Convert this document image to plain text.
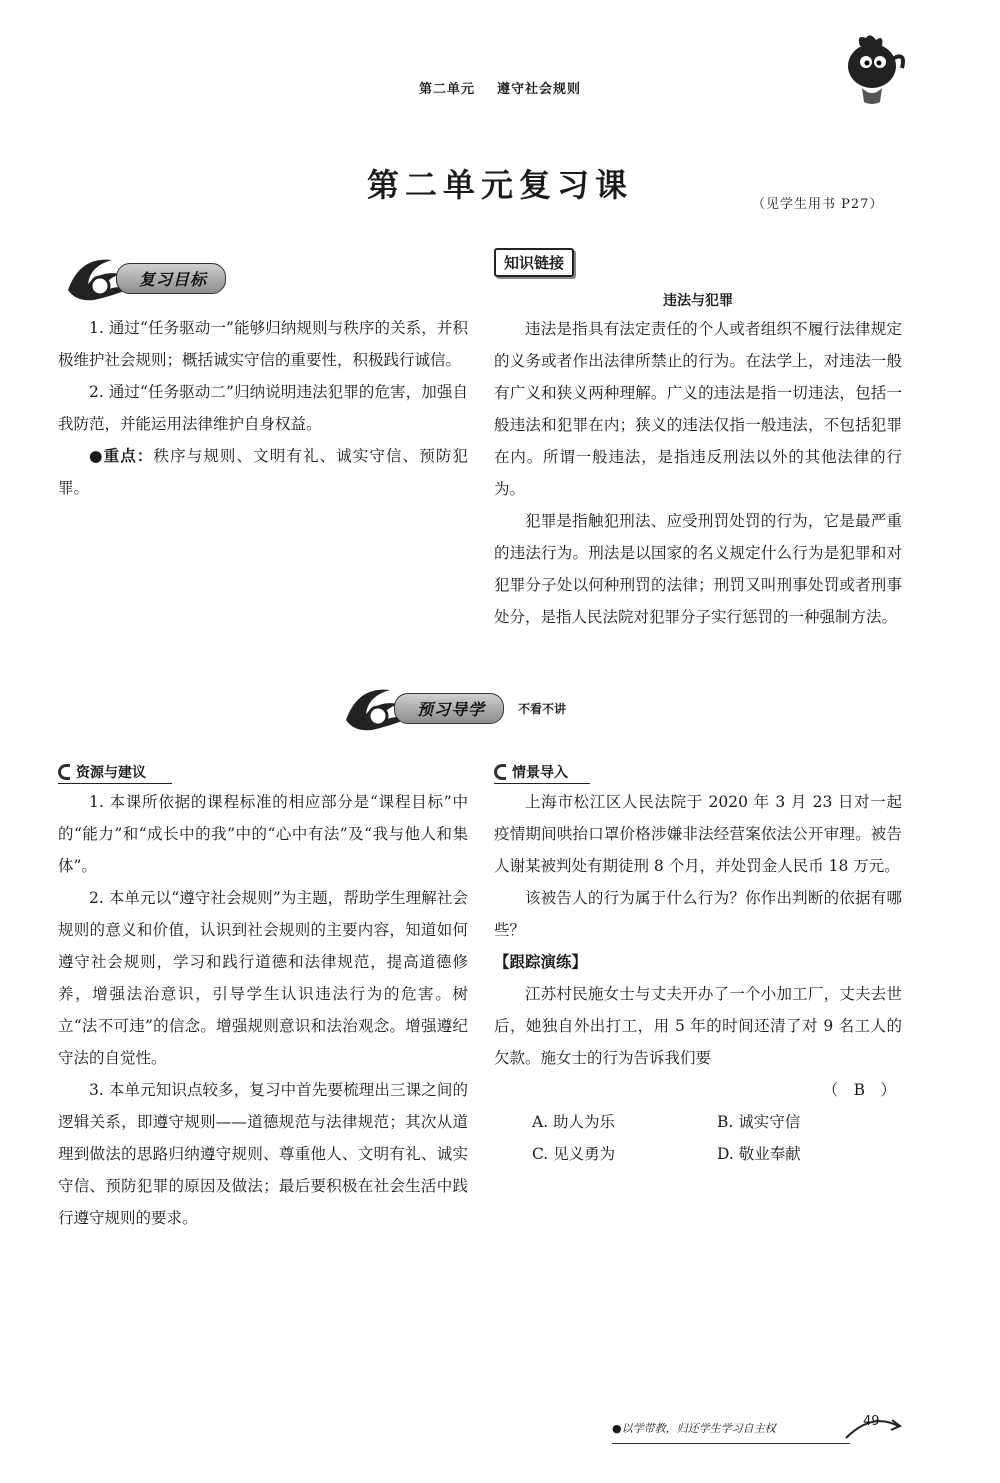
第二单元 遵守社会规则
第二单元复习课
（见学生用书 P27）
复习目标

1. 通过“任务驱动一”能够归纳规则与秩序的关系，并积极维护社会规则；概括诚实守信的重要性，积极践行诚信。

2. 通过“任务驱动二”归纳说明违法犯罪的危害，加强自我防范，并能运用法律维护自身权益。

●重点：秩序与规则、文明有礼、诚实守信、预防犯罪。

知识链接
违法与犯罪

违法是指具有法定责任的个人或者组织不履行法律规定的义务或者作出法律所禁止的行为。在法学上，对违法一般有广义和狭义两种理解。广义的违法是指一切违法，包括一般违法和犯罪在内；狭义的违法仅指一般违法，不包括犯罪在内。所谓一般违法，是指违反刑法以外的其他法律的行为。

犯罪是指触犯刑法、应受刑罚处罚的行为，它是最严重的违法行为。刑法是以国家的名义规定什么行为是犯罪和对犯罪分子处以何种刑罚的法律；刑罚又叫刑事处罚或者刑事处分，是指人民法院对犯罪分子实行惩罚的一种强制方法。

预习导学	不看不讲
资源与建议

1. 本课所依据的课程标准的相应部分是“课程目标”中的“能力”和“成长中的我”中的“心中有法”及“我与他人和集体”。

2. 本单元以“遵守社会规则”为主题，帮助学生理解社会规则的意义和价值，认识到社会规则的主要内容，知道如何遵守社会规则，学习和践行道德和法律规范，提高道德修养，增强法治意识，引导学生认识违法行为的危害。树立“法不可违”的信念。增强规则意识和法治观念。增强遵纪守法的自觉性。

3. 本单元知识点较多，复习中首先要梳理出三课之间的逻辑关系，即遵守规则——道德规范与法律规范；其次从道理到做法的思路归纳遵守规则、尊重他人、文明有礼、诚实守信、预防犯罪的原因及做法；最后要积极在社会生活中践行遵守规则的要求。

情景导入

上海市松江区人民法院于 2020 年 3 月 23 日对一起疫情期间哄抬口罩价格涉嫌非法经营案依法公开审理。被告人谢某被判处有期徒刑 8 个月，并处罚金人民币 18 万元。

该被告人的行为属于什么行为？你作出判断的依据有哪些？

【跟踪演练】

江苏村民施女士与丈夫开办了一个小加工厂，丈夫去世后，她独自外出打工，用 5 年的时间还清了对 9 名工人的欠款。施女士的行为告诉我们要

（　B　）
A. 助人为乐	B. 诚实守信
C. 见义勇为	D. 敬业奉献
●以学带教，归还学生学习自主权	49
